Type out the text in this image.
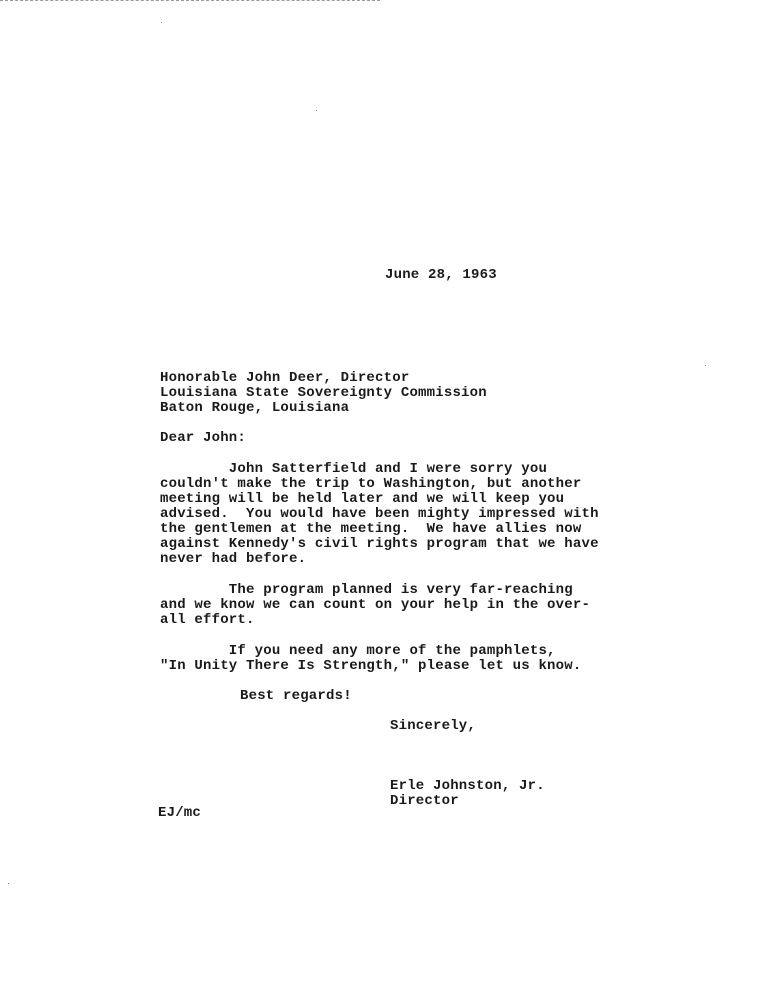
June 28, 1963
Honorable John Deer, Director
Louisiana State Sovereignty Commission
Baton Rouge, Louisiana
Dear John:
John Satterfield and I were sorry you
couldn't make the trip to Washington, but another
meeting will be held later and we will keep you
advised.  You would have been mighty impressed with
the gentlemen at the meeting.  We have allies now
against Kennedy's civil rights program that we have
never had before.
The program planned is very far-reaching
and we know we can count on your help in the over-
all effort.
If you need any more of the pamphlets,
"In Unity There Is Strength," please let us know.
Best regards!
Sincerely,
Erle Johnston, Jr.
Director
EJ/mc
